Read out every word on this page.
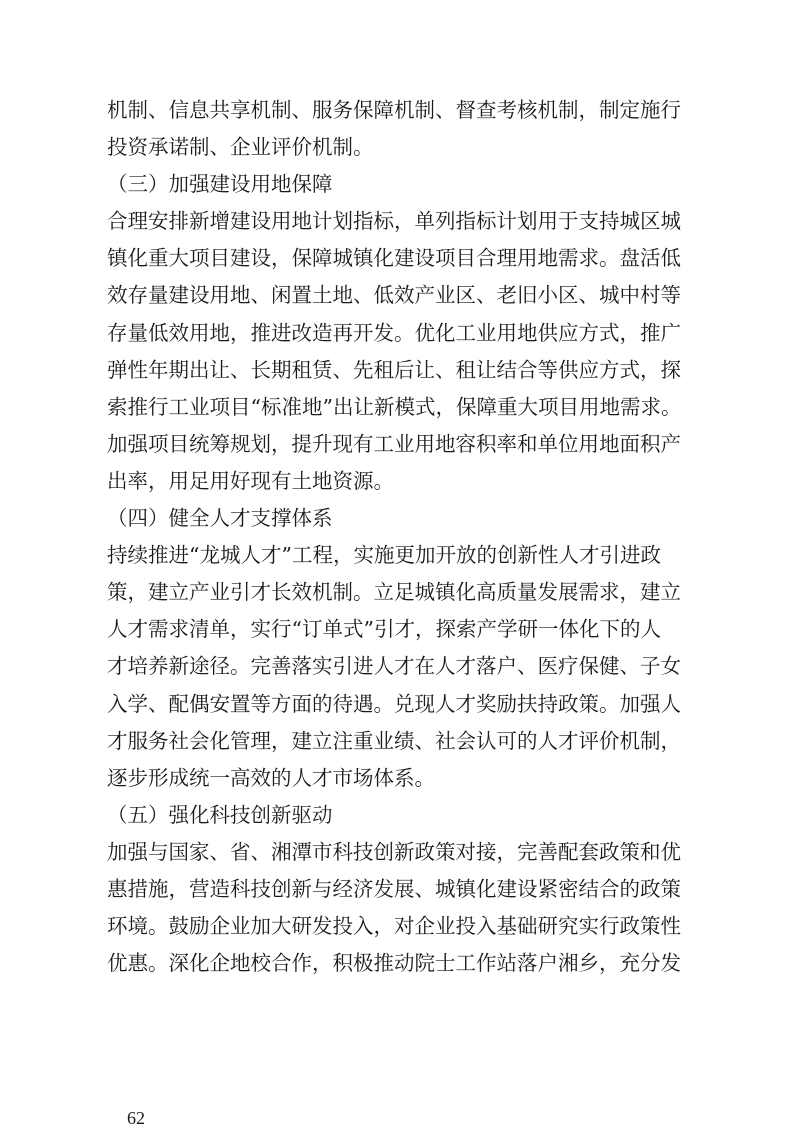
机制、信息共享机制、服务保障机制、督查考核机制，制定施行
投资承诺制、企业评价机制。
（三）加强建设用地保障
合理安排新增建设用地计划指标，单列指标计划用于支持城区城
镇化重大项目建设，保障城镇化建设项目合理用地需求。盘活低
效存量建设用地、闲置土地、低效产业区、老旧小区、城中村等
存量低效用地，推进改造再开发。优化工业用地供应方式，推广
弹性年期出让、长期租赁、先租后让、租让结合等供应方式，探
索推行工业项目“标准地”出让新模式，保障重大项目用地需求。
加强项目统筹规划，提升现有工业用地容积率和单位用地面积产
出率，用足用好现有土地资源。
（四）健全人才支撑体系
持续推进“龙城人才”工程，实施更加开放的创新性人才引进政
策，建立产业引才长效机制。立足城镇化高质量发展需求，建立
人才需求清单，实行“订单式”引才，探索产学研一体化下的人
才培养新途径。完善落实引进人才在人才落户、医疗保健、子女
入学、配偶安置等方面的待遇。兑现人才奖励扶持政策。加强人
才服务社会化管理，建立注重业绩、社会认可的人才评价机制，
逐步形成统一高效的人才市场体系。
（五）强化科技创新驱动
加强与国家、省、湘潭市科技创新政策对接，完善配套政策和优
惠措施，营造科技创新与经济发展、城镇化建设紧密结合的政策
环境。鼓励企业加大研发投入，对企业投入基础研究实行政策性
优惠。深化企地校合作，积极推动院士工作站落户湘乡，充分发
62
